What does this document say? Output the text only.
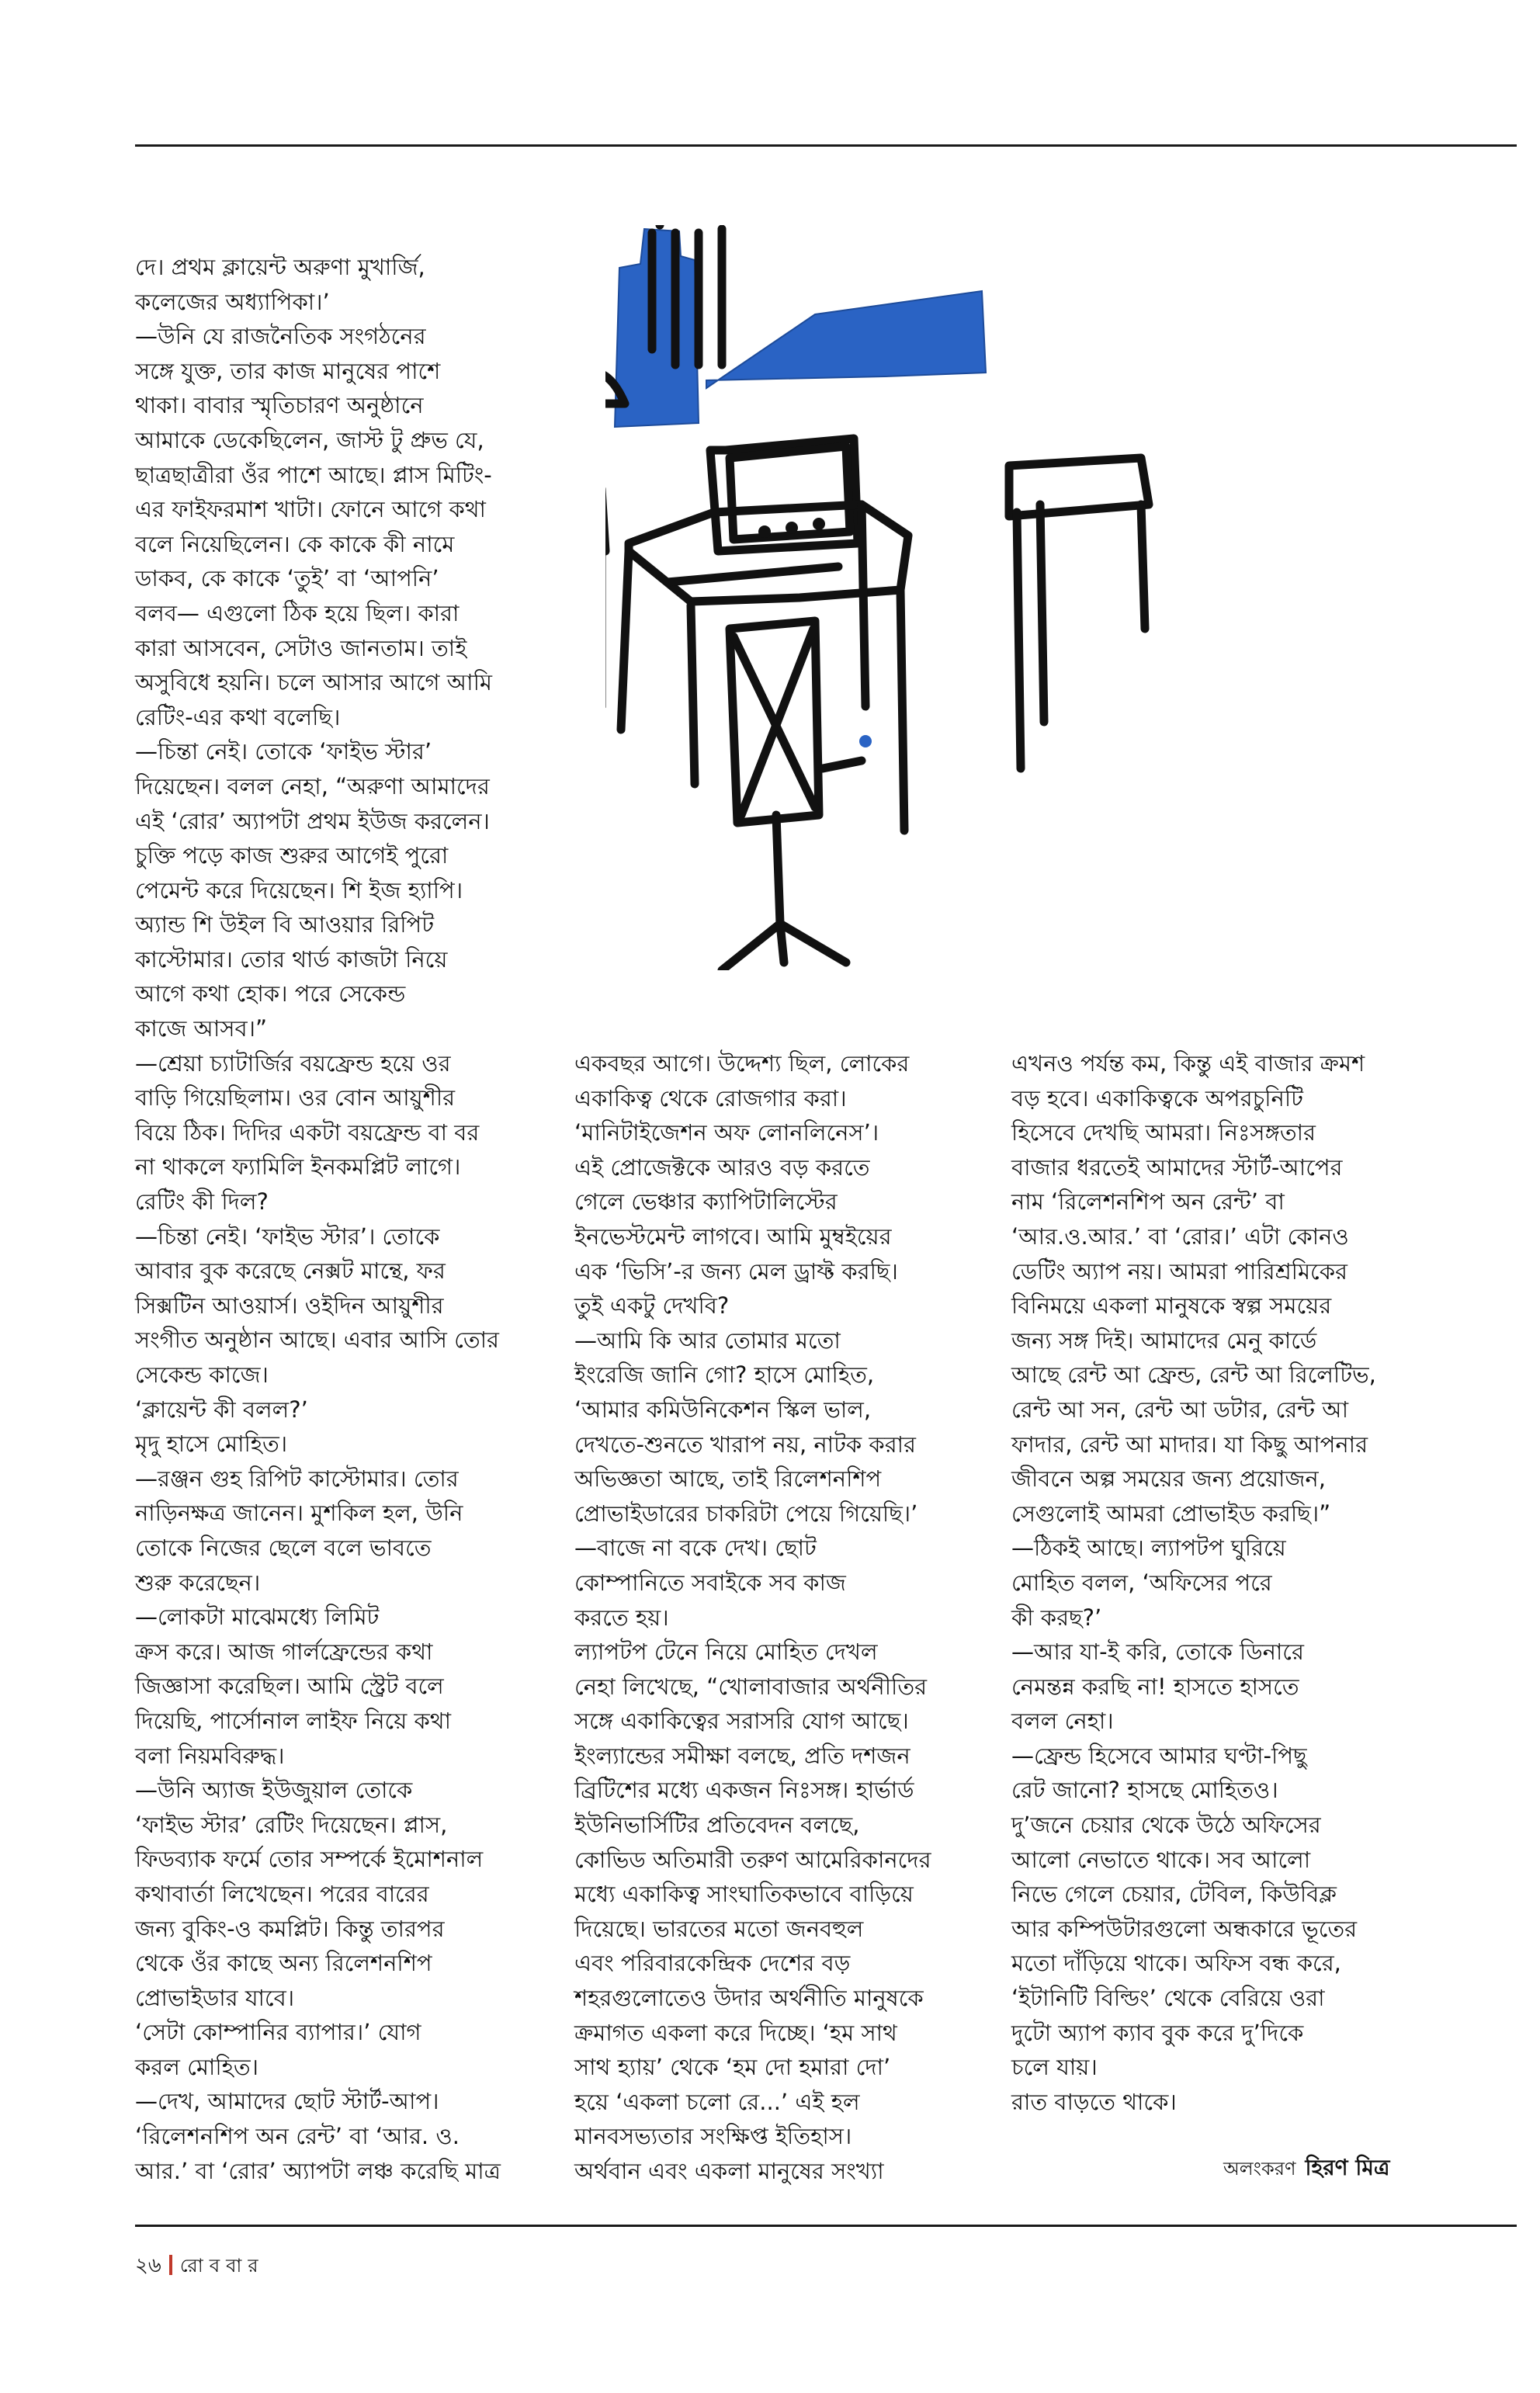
দে। প্রথম ক্লায়েন্ট অরুণা মুখার্জি,

কলেজের অধ্যাপিকা।’

—উনি যে রাজনৈতিক সংগঠনের

সঙ্গে যুক্ত, তার কাজ মানুষের পাশে

থাকা। বাবার স্মৃতিচারণ অনুষ্ঠানে

আমাকে ডেকেছিলেন, জাস্ট টু প্রুভ যে,

ছাত্রছাত্রীরা ওঁর পাশে আছে। প্লাস মিটিং-

এর ফাইফরমাশ খাটা। ফোনে আগে কথা

বলে নিয়েছিলেন। কে কাকে কী নামে

ডাকব, কে কাকে ‘তুই’ বা ‘আপনি’

বলব— এগুলো ঠিক হয়ে ছিল। কারা

কারা আসবেন, সেটাও জানতাম। তাই

অসুবিধে হয়নি। চলে আসার আগে আমি

রেটিং-এর কথা বলেছি।

—চিন্তা নেই। তোকে ‘ফাইভ স্টার’

দিয়েছেন। বলল নেহা, “অরুণা আমাদের

এই ‘রোর’ অ্যাপটা প্রথম ইউজ করলেন।

চুক্তি পড়ে কাজ শুরুর আগেই পুরো

পেমেন্ট করে দিয়েছেন। শি ইজ হ্যাপি।

অ্যান্ড শি উইল বি আওয়ার রিপিট

কাস্টোমার। তোর থার্ড কাজটা নিয়ে

আগে কথা হোক। পরে সেকেন্ড

কাজে আসব।”

—শ্রেয়া চ্যাটার্জির বয়ফ্রেন্ড হয়ে ওর

বাড়ি গিয়েছিলাম। ওর বোন আয়ুশীর

বিয়ে ঠিক। দিদির একটা বয়ফ্রেন্ড বা বর

না থাকলে ফ্যামিলি ইনকমপ্লিট লাগে।

রেটিং কী দিল?

—চিন্তা নেই। ‘ফাইভ স্টার’। তোকে

আবার বুক করেছে নেক্সট মান্থে, ফর

সিক্সটিন আওয়ার্স। ওইদিন আয়ুশীর

সংগীত অনুষ্ঠান আছে। এবার আসি তোর

সেকেন্ড কাজে।

‘ক্লায়েন্ট কী বলল?’

মৃদু হাসে মোহিত।

—রঞ্জন গুহ রিপিট কাস্টোমার। তোর

নাড়িনক্ষত্র জানেন। মুশকিল হল, উনি

তোকে নিজের ছেলে বলে ভাবতে

শুরু করেছেন।

—লোকটা মাঝেমধ্যে লিমিট

ক্রস করে। আজ গার্লফ্রেন্ডের কথা

জিজ্ঞাসা করেছিল। আমি স্ট্রেট বলে

দিয়েছি, পার্সোনাল লাইফ নিয়ে কথা

বলা নিয়মবিরুদ্ধ।

—উনি অ্যাজ ইউজুয়াল তোকে

‘ফাইভ স্টার’ রেটিং দিয়েছেন। প্লাস,

ফিডব্যাক ফর্মে তোর সম্পর্কে ইমোশনাল

কথাবার্তা লিখেছেন। পরের বারের

জন্য বুকিং-ও কমপ্লিট। কিন্তু তারপর

থেকে ওঁর কাছে অন্য রিলেশনশিপ

প্রোভাইডার যাবে।

‘সেটা কোম্পানির ব্যাপার।’ যোগ

করল মোহিত।

—দেখ, আমাদের ছোট স্টার্ট-আপ।

‘রিলেশনশিপ অন রেন্ট’ বা ‘আর. ও.

আর.’ বা ‘রোর’ অ্যাপটা লঞ্চ করেছি মাত্র

একবছর আগে। উদ্দেশ্য ছিল, লোকের

একাকিত্ব থেকে রোজগার করা।

‘মানিটাইজেশন অফ লোনলিনেস’।

এই প্রোজেক্টকে আরও বড় করতে

গেলে ভেঞ্চার ক্যাপিটালিস্টের

ইনভেস্টমেন্ট লাগবে। আমি মুম্বইয়ের

এক ‘ভিসি’-র জন্য মেল ড্রাফ্ট করছি।

তুই একটু দেখবি?

—আমি কি আর তোমার মতো

ইংরেজি জানি গো? হাসে মোহিত,

‘আমার কমিউনিকেশন স্কিল ভাল,

দেখতে-শুনতে খারাপ নয়, নাটক করার

অভিজ্ঞতা আছে, তাই রিলেশনশিপ

প্রোভাইডারের চাকরিটা পেয়ে গিয়েছি।’

—বাজে না বকে দেখ। ছোট

কোম্পানিতে সবাইকে সব কাজ

করতে হয়।

ল্যাপটপ টেনে নিয়ে মোহিত দেখল

নেহা লিখেছে, “খোলাবাজার অর্থনীতির

সঙ্গে একাকিত্বের সরাসরি যোগ আছে।

ইংল্যান্ডের সমীক্ষা বলছে, প্রতি দশজন

ব্রিটিশের মধ্যে একজন নিঃসঙ্গ। হার্ভার্ড

ইউনিভার্সিটির প্রতিবেদন বলছে,

কোভিড অতিমারী তরুণ আমেরিকানদের

মধ্যে একাকিত্ব সাংঘাতিকভাবে বাড়িয়ে

দিয়েছে। ভারতের মতো জনবহুল

এবং পরিবারকেন্দ্রিক দেশের বড়

শহরগুলোতেও উদার অর্থনীতি মানুষকে

ক্রমাগত একলা করে দিচ্ছে। ‘হম সাথ

সাথ হ্যায়’ থেকে ‘হম দো হমারা দো’

হয়ে ‘একলা চলো রে...’ এই হল

মানবসভ্যতার সংক্ষিপ্ত ইতিহাস।

অর্থবান এবং একলা মানুষের সংখ্যা

এখনও পর্যন্ত কম, কিন্তু এই বাজার ক্রমশ

বড় হবে। একাকিত্বকে অপরচুনিটি

হিসেবে দেখছি আমরা। নিঃসঙ্গতার

বাজার ধরতেই আমাদের স্টার্ট-আপের

নাম ‘রিলেশনশিপ অন রেন্ট’ বা

‘আর.ও.আর.’ বা ‘রোর।’ এটা কোনও

ডেটিং অ্যাপ নয়। আমরা পারিশ্রমিকের

বিনিময়ে একলা মানুষকে স্বল্প সময়ের

জন্য সঙ্গ দিই। আমাদের মেনু কার্ডে

আছে রেন্ট আ ফ্রেন্ড, রেন্ট আ রিলেটিভ,

রেন্ট আ সন, রেন্ট আ ডটার, রেন্ট আ

ফাদার, রেন্ট আ মাদার। যা কিছু আপনার

জীবনে অল্প সময়ের জন্য প্রয়োজন,

সেগুলোই আমরা প্রোভাইড করছি।”

—ঠিকই আছে। ল্যাপটপ ঘুরিয়ে

মোহিত বলল, ‘অফিসের পরে

কী করছ?’

—আর যা-ই করি, তোকে ডিনারে

নেমন্তন্ন করছি না! হাসতে হাসতে

বলল নেহা।

—ফ্রেন্ড হিসেবে আমার ঘণ্টা-পিছু

রেট জানো? হাসছে মোহিতও।

দু’জনে চেয়ার থেকে উঠে অফিসের

আলো নেভাতে থাকে। সব আলো

নিভে গেলে চেয়ার, টেবিল, কিউবিক্ল

আর কম্পিউটারগুলো অন্ধকারে ভূতের

মতো দাঁড়িয়ে থাকে। অফিস বন্ধ করে,

‘ইটানিটি বিল্ডিং’ থেকে বেরিয়ে ওরা

দুটো অ্যাপ ক্যাব বুক করে দু’দিকে

চলে যায়।

রাত বাড়তে থাকে।

অলংকরণ হিরণ মিত্র
২৬ রোববার
